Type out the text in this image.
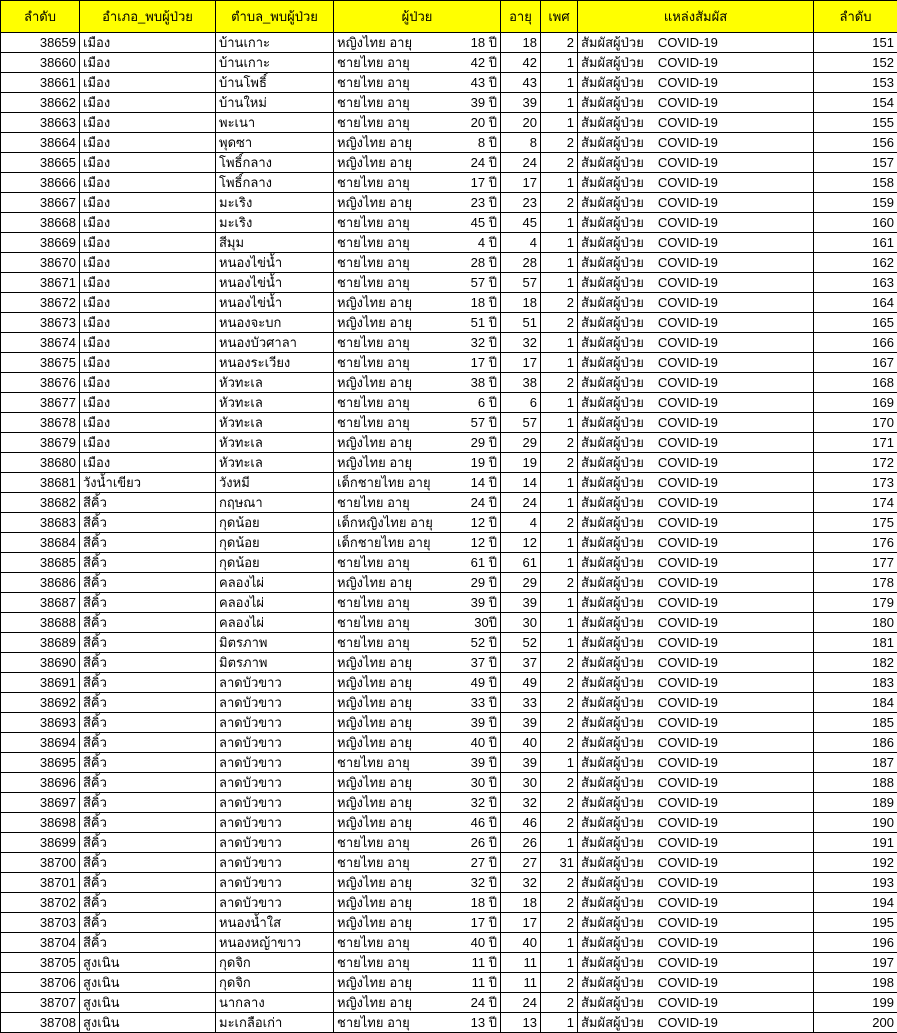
ลำดับ	อำเภอ_พบผู้ป่วย	ตำบล_พบผู้ป่วย	ผู้ป่วย	อายุ	เพศ	แหล่งสัมผัส	ลำดับ
38659	เมือง	บ้านเกาะ	หญิงไทย อายุ 18 ปี	18	2	สัมผัสผู้ป่วย COVID-19	151
38660	เมือง	บ้านเกาะ	ชายไทย อายุ 42 ปี	42	1	สัมผัสผู้ป่วย COVID-19	152
38661	เมือง	บ้านโพธิ์	ชายไทย อายุ 43 ปี	43	1	สัมผัสผู้ป่วย COVID-19	153
38662	เมือง	บ้านใหม่	ชายไทย อายุ 39 ปี	39	1	สัมผัสผู้ป่วย COVID-19	154
38663	เมือง	พะเนา	ชายไทย อายุ 20 ปี	20	1	สัมผัสผู้ป่วย COVID-19	155
38664	เมือง	พุดซา	หญิงไทย อายุ 8 ปี	8	2	สัมผัสผู้ป่วย COVID-19	156
38665	เมือง	โพธิ์กลาง	หญิงไทย อายุ 24 ปี	24	2	สัมผัสผู้ป่วย COVID-19	157
38666	เมือง	โพธิ์กลาง	ชายไทย อายุ 17 ปี	17	1	สัมผัสผู้ป่วย COVID-19	158
38667	เมือง	มะเริง	หญิงไทย อายุ 23 ปี	23	2	สัมผัสผู้ป่วย COVID-19	159
38668	เมือง	มะเริง	ชายไทย อายุ 45 ปี	45	1	สัมผัสผู้ป่วย COVID-19	160
38669	เมือง	สีมุม	ชายไทย อายุ 4 ปี	4	1	สัมผัสผู้ป่วย COVID-19	161
38670	เมือง	หนองไข่น้ำ	ชายไทย อายุ 28 ปี	28	1	สัมผัสผู้ป่วย COVID-19	162
38671	เมือง	หนองไข่น้ำ	ชายไทย อายุ 57 ปี	57	1	สัมผัสผู้ป่วย COVID-19	163
38672	เมือง	หนองไข่น้ำ	หญิงไทย อายุ 18 ปี	18	2	สัมผัสผู้ป่วย COVID-19	164
38673	เมือง	หนองจะบก	หญิงไทย อายุ 51 ปี	51	2	สัมผัสผู้ป่วย COVID-19	165
38674	เมือง	หนองบัวศาลา	ชายไทย อายุ 32 ปี	32	1	สัมผัสผู้ป่วย COVID-19	166
38675	เมือง	หนองระเวียง	ชายไทย อายุ 17 ปี	17	1	สัมผัสผู้ป่วย COVID-19	167
38676	เมือง	หัวทะเล	หญิงไทย อายุ 38 ปี	38	2	สัมผัสผู้ป่วย COVID-19	168
38677	เมือง	หัวทะเล	ชายไทย อายุ 6 ปี	6	1	สัมผัสผู้ป่วย COVID-19	169
38678	เมือง	หัวทะเล	ชายไทย อายุ 57 ปี	57	1	สัมผัสผู้ป่วย COVID-19	170
38679	เมือง	หัวทะเล	หญิงไทย อายุ 29 ปี	29	2	สัมผัสผู้ป่วย COVID-19	171
38680	เมือง	หัวทะเล	หญิงไทย อายุ 19 ปี	19	2	สัมผัสผู้ป่วย COVID-19	172
38681	วังน้ำเขียว	วังหมี	เด็กชายไทย อายุ 14 ปี	14	1	สัมผัสผู้ป่วย COVID-19	173
38682	สีคิ้ว	กฤษณา	ชายไทย อายุ 24 ปี	24	1	สัมผัสผู้ป่วย COVID-19	174
38683	สีคิ้ว	กุดน้อย	เด็กหญิงไทย อายุ 12 ปี	4	2	สัมผัสผู้ป่วย COVID-19	175
38684	สีคิ้ว	กุดน้อย	เด็กชายไทย อายุ 12 ปี	12	1	สัมผัสผู้ป่วย COVID-19	176
38685	สีคิ้ว	กุดน้อย	ชายไทย อายุ 61 ปี	61	1	สัมผัสผู้ป่วย COVID-19	177
38686	สีคิ้ว	คลองไผ่	หญิงไทย อายุ 29 ปี	29	2	สัมผัสผู้ป่วย COVID-19	178
38687	สีคิ้ว	คลองไผ่	ชายไทย อายุ 39 ปี	39	1	สัมผัสผู้ป่วย COVID-19	179
38688	สีคิ้ว	คลองไผ่	ชายไทย อายุ 30ปี	30	1	สัมผัสผู้ป่วย COVID-19	180
38689	สีคิ้ว	มิตรภาพ	ชายไทย อายุ 52 ปี	52	1	สัมผัสผู้ป่วย COVID-19	181
38690	สีคิ้ว	มิตรภาพ	หญิงไทย อายุ 37 ปี	37	2	สัมผัสผู้ป่วย COVID-19	182
38691	สีคิ้ว	ลาดบัวขาว	หญิงไทย อายุ 49 ปี	49	2	สัมผัสผู้ป่วย COVID-19	183
38692	สีคิ้ว	ลาดบัวขาว	หญิงไทย อายุ 33 ปี	33	2	สัมผัสผู้ป่วย COVID-19	184
38693	สีคิ้ว	ลาดบัวขาว	หญิงไทย อายุ 39 ปี	39	2	สัมผัสผู้ป่วย COVID-19	185
38694	สีคิ้ว	ลาดบัวขาว	หญิงไทย อายุ 40 ปี	40	2	สัมผัสผู้ป่วย COVID-19	186
38695	สีคิ้ว	ลาดบัวขาว	ชายไทย อายุ 39 ปี	39	1	สัมผัสผู้ป่วย COVID-19	187
38696	สีคิ้ว	ลาดบัวขาว	หญิงไทย อายุ 30 ปี	30	2	สัมผัสผู้ป่วย COVID-19	188
38697	สีคิ้ว	ลาดบัวขาว	หญิงไทย อายุ 32 ปี	32	2	สัมผัสผู้ป่วย COVID-19	189
38698	สีคิ้ว	ลาดบัวขาว	หญิงไทย อายุ 46 ปี	46	2	สัมผัสผู้ป่วย COVID-19	190
38699	สีคิ้ว	ลาดบัวขาว	ชายไทย อายุ 26 ปี	26	1	สัมผัสผู้ป่วย COVID-19	191
38700	สีคิ้ว	ลาดบัวขาว	ชายไทย อายุ 27 ปี	27	31	สัมผัสผู้ป่วย COVID-19	192
38701	สีคิ้ว	ลาดบัวขาว	หญิงไทย อายุ 32 ปี	32	2	สัมผัสผู้ป่วย COVID-19	193
38702	สีคิ้ว	ลาดบัวขาว	หญิงไทย อายุ 18 ปี	18	2	สัมผัสผู้ป่วย COVID-19	194
38703	สีคิ้ว	หนองน้ำใส	หญิงไทย อายุ 17 ปี	17	2	สัมผัสผู้ป่วย COVID-19	195
38704	สีคิ้ว	หนองหญ้าขาว	ชายไทย อายุ 40 ปี	40	1	สัมผัสผู้ป่วย COVID-19	196
38705	สูงเนิน	กุดจิก	ชายไทย อายุ 11 ปี	11	1	สัมผัสผู้ป่วย COVID-19	197
38706	สูงเนิน	กุดจิก	หญิงไทย อายุ 11 ปี	11	2	สัมผัสผู้ป่วย COVID-19	198
38707	สูงเนิน	นากลาง	หญิงไทย อายุ 24 ปี	24	2	สัมผัสผู้ป่วย COVID-19	199
38708	สูงเนิน	มะเกลือเก่า	ชายไทย อายุ 13 ปี	13	1	สัมผัสผู้ป่วย COVID-19	200
